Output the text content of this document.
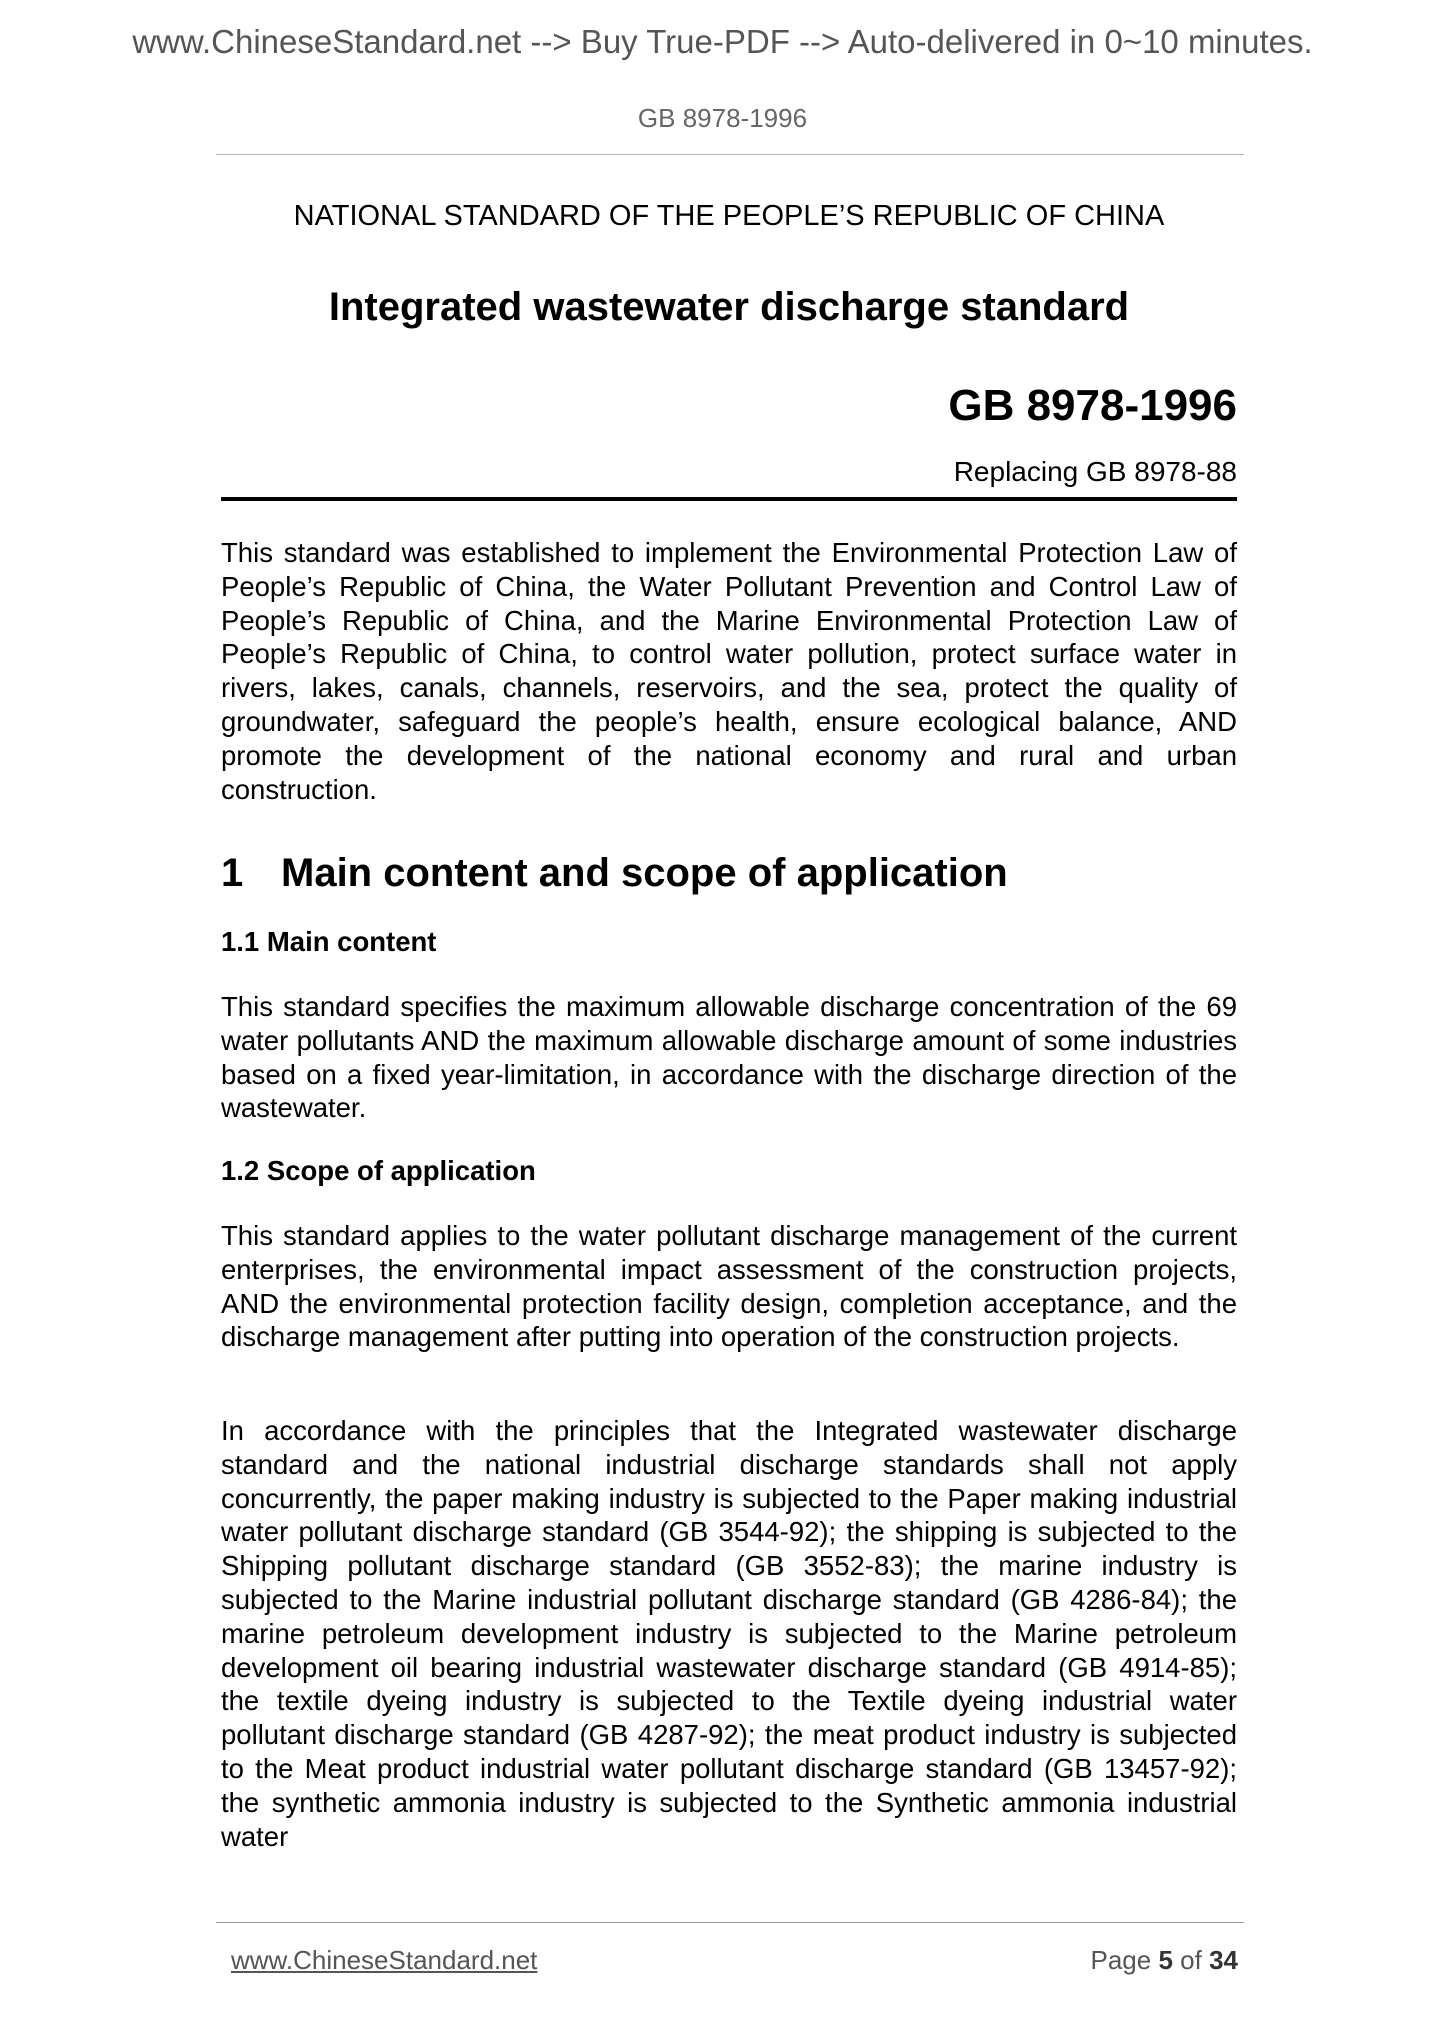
www.ChineseStandard.net --> Buy True-PDF --> Auto-delivered in 0~10 minutes.
GB 8978-1996
NATIONAL STANDARD OF THE PEOPLE’S REPUBLIC OF CHINA
Integrated wastewater discharge standard
GB 8978-1996
Replacing GB 8978-88

This standard was established to implement the Environmental Protection Law of People’s Republic of China, the Water Pollutant Prevention and Control Law of People’s Republic of China, and the Marine Environmental Protection Law of People’s Republic of China, to control water pollution, protect surface water in rivers, lakes, canals, channels, reservoirs, and the sea, protect the quality of groundwater, safeguard the people’s health, ensure ecological balance, AND promote the development of the national economy and rural and urban construction.

1 Main content and scope of application
1.1 Main content

This standard specifies the maximum allowable discharge concentration of the 69 water pollutants AND the maximum allowable discharge amount of some industries based on a fixed year-limitation, in accordance with the discharge direction of the wastewater.

1.2 Scope of application

This standard applies to the water pollutant discharge management of the current enterprises, the environmental impact assessment of the construction projects, AND the environmental protection facility design, completion acceptance, and the discharge management after putting into operation of the construction projects.

In accordance with the principles that the Integrated wastewater discharge standard and the national industrial discharge standards shall not apply concurrently, the paper making industry is subjected to the Paper making industrial water pollutant discharge standard (GB 3544-92); the shipping is subjected to the Shipping pollutant discharge standard (GB 3552-83); the marine industry is subjected to the Marine industrial pollutant discharge standard (GB 4286-84); the marine petroleum development industry is subjected to the Marine petroleum development oil bearing industrial wastewater discharge standard (GB 4914-85); the textile dyeing industry is subjected to the Textile dyeing industrial water pollutant discharge standard (GB 4287-92); the meat product industry is subjected to the Meat product industrial water pollutant discharge standard (GB 13457-92); the synthetic ammonia industry is subjected to the Synthetic ammonia industrial water

www.ChineseStandard.net	Page 5 of 34
